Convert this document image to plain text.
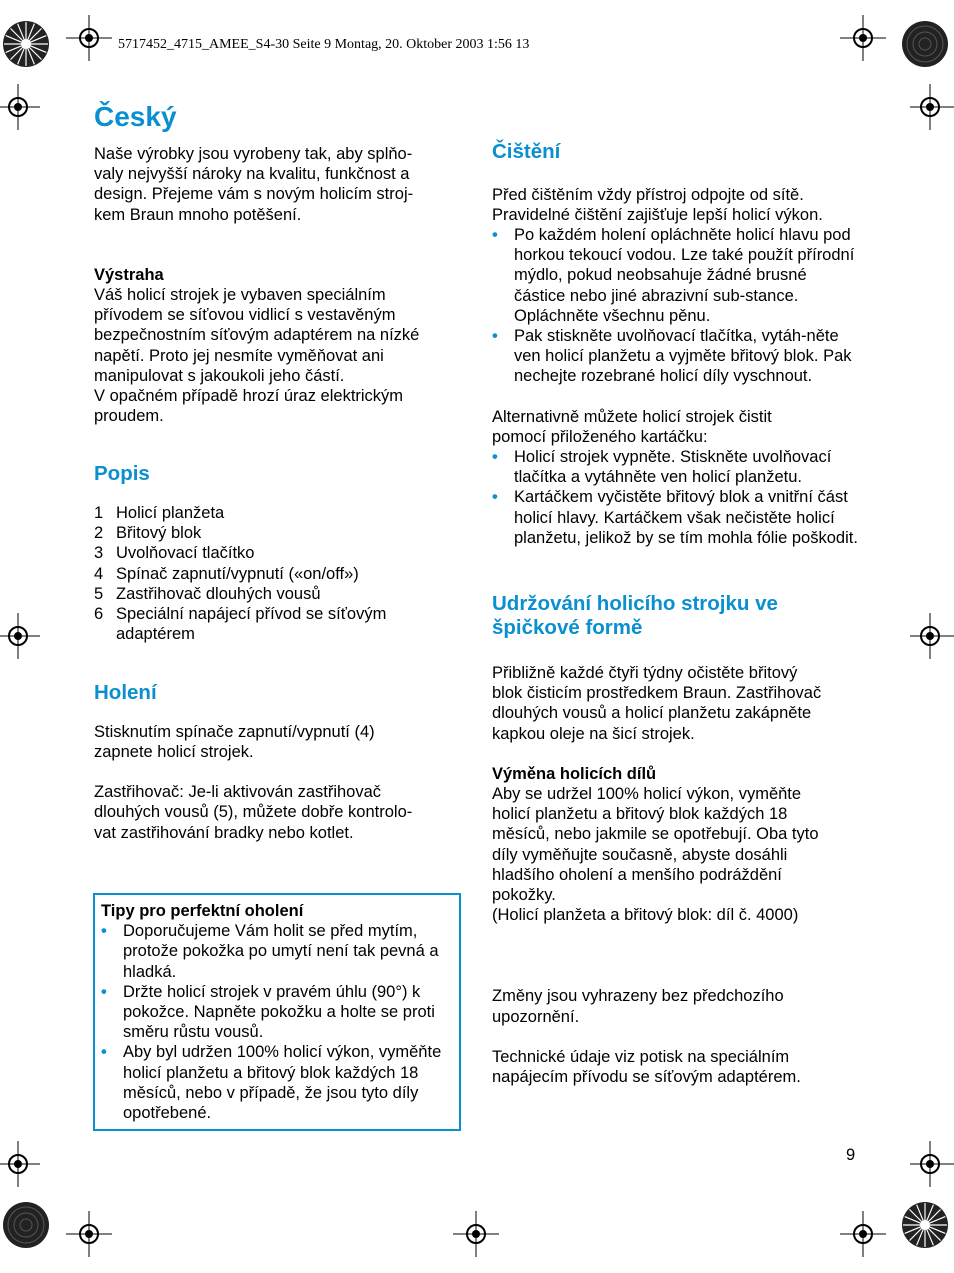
5717452_4715_AMEE_S4-30 Seite 9 Montag, 20. Oktober 2003 1:56 13
Český

Naše výrobky jsou vyrobeny tak, aby splňo-
valy nejvyšší nároky na kvalitu, funkčnost a
design. Přejeme vám s novým holicím stroj-
kem Braun mnoho potěšení.

Výstraha
Váš holicí strojek je vybaven speciálním
přívodem se síťovou vidlicí s vestavěným
bezpečnostním síťovým adaptérem na nízké
napětí. Proto jej nesmíte vyměňovat ani
manipulovat s jakoukoli jeho částí.
V opačném případě hrozí úraz elektrickým
proudem.

Popis
1 Holicí planžeta
2 Břitový blok
3 Uvolňovací tlačítko
4 Spínač zapnutí/vypnutí («on/off»)
5 Zastřihovač dlouhých vousů
6 Speciální napájecí přívod se síťovým adaptérem
Holení

Stisknutím spínače zapnutí/vypnutí (4)
zapnete holicí strojek.

Zastřihovač: Je-li aktivován zastřihovač
dlouhých vousů (5), můžete dobře kontrolo-
vat zastřihování bradky nebo kotlet.

Tipy pro perfektní oholení
• Doporučujeme Vám holit se před mytím, protože pokožka po umytí není tak pevná a hladká.
• Držte holicí strojek v pravém úhlu (90°) k pokožce. Napněte pokožku a holte se proti směru růstu vousů.
• Aby byl udržen 100% holicí výkon, vyměňte holicí planžetu a břitový blok každých 18 měsíců, nebo v případě, že jsou tyto díly opotřebené.
Čištění

Před čištěním vždy přístroj odpojte od sítě.
Pravidelné čištění zajišťuje lepší holicí výkon.

• Po každém holení opláchněte holicí hlavu pod horkou tekoucí vodou. Lze také použít přírodní mýdlo, pokud neobsahuje žádné brusné částice nebo jiné abrazivní sub-stance. Opláchněte všechnu pěnu.
• Pak stiskněte uvolňovací tlačítka, vytáh-něte ven holicí planžetu a vyjměte břitový blok. Pak nechejte rozebrané holicí díly vyschnout.

Alternativně můžete holicí strojek čistit
pomocí přiloženého kartáčku:

• Holicí strojek vypněte. Stiskněte uvolňovací tlačítka a vytáhněte ven holicí planžetu.
• Kartáčkem vyčistěte břitový blok a vnitřní část holicí hlavy. Kartáčkem však nečistěte holicí planžetu, jelikož by se tím mohla fólie poškodit.
Udržování holicího strojku ve
špičkové formě

Přibližně každé čtyři týdny očistěte břitový
blok čisticím prostředkem Braun. Zastřihovač
dlouhých vousů a holicí planžetu zakápněte
kapkou oleje na šicí strojek.

Výměna holicích dílů
Aby se udržel 100% holicí výkon, vyměňte
holicí planžetu a břitový blok každých 18
měsíců, nebo jakmile se opotřebují. Oba tyto
díly vyměňujte současně, abyste dosáhli
hladšího oholení a menšího podráždění
pokožky.
(Holicí planžeta a břitový blok: díl č. 4000)

Změny jsou vyhrazeny bez předchozího
upozornění.

Technické údaje viz potisk na speciálním
napájecím přívodu se síťovým adaptérem.

9
